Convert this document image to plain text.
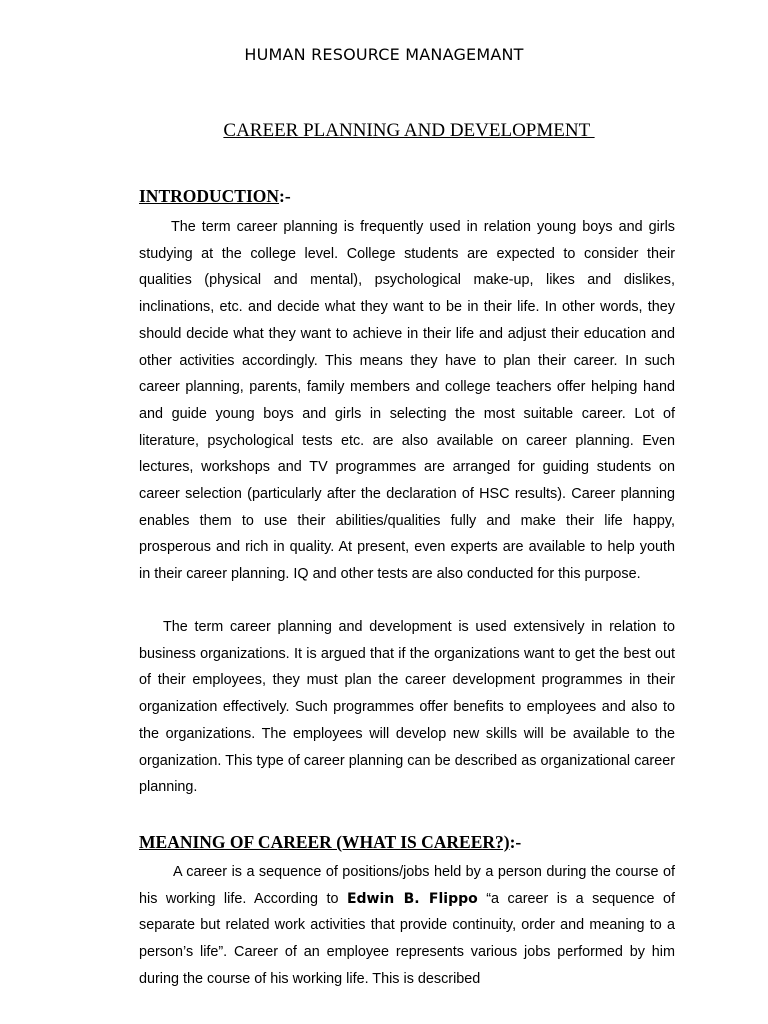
HUMAN RESOURCE MANAGEMANT
CAREER PLANNING AND DEVELOPMENT
INTRODUCTION:-

The term career planning is frequently used in relation young boys and girls studying at the college level. College students are expected to consider their qualities (physical and mental), psychological make-up, likes and dislikes, inclinations, etc. and decide what they want to be in their life. In other words, they should decide what they want to achieve in their life and adjust their education and other activities accordingly. This means they have to plan their career. In such career planning, parents, family members and college teachers offer helping hand and guide young boys and girls in selecting the most suitable career. Lot of literature, psychological tests etc. are also available on career planning. Even lectures, workshops and TV programmes are arranged for guiding students on career selection (particularly after the declaration of HSC results). Career planning enables them to use their abilities/qualities fully and make their life happy, prosperous and rich in quality. At present, even experts are available to help youth in their career planning. IQ and other tests are also conducted for this purpose.

The term career planning and development is used extensively in relation to business organizations. It is argued that if the organizations want to get the best out of their employees, they must plan the career development programmes in their organization effectively. Such programmes offer benefits to employees and also to the organizations. The employees will develop new skills will be available to the organization. This type of career planning can be described as organizational career planning.

MEANING OF CAREER (WHAT IS CAREER?):-

A career is a sequence of positions/jobs held by a person during the course of his working life. According to Edwin B. Flippo “a career is a sequence of separate but related work activities that provide continuity, order and meaning to a person’s life”. Career of an employee represents various jobs performed by him during the course of his working life. This is described
